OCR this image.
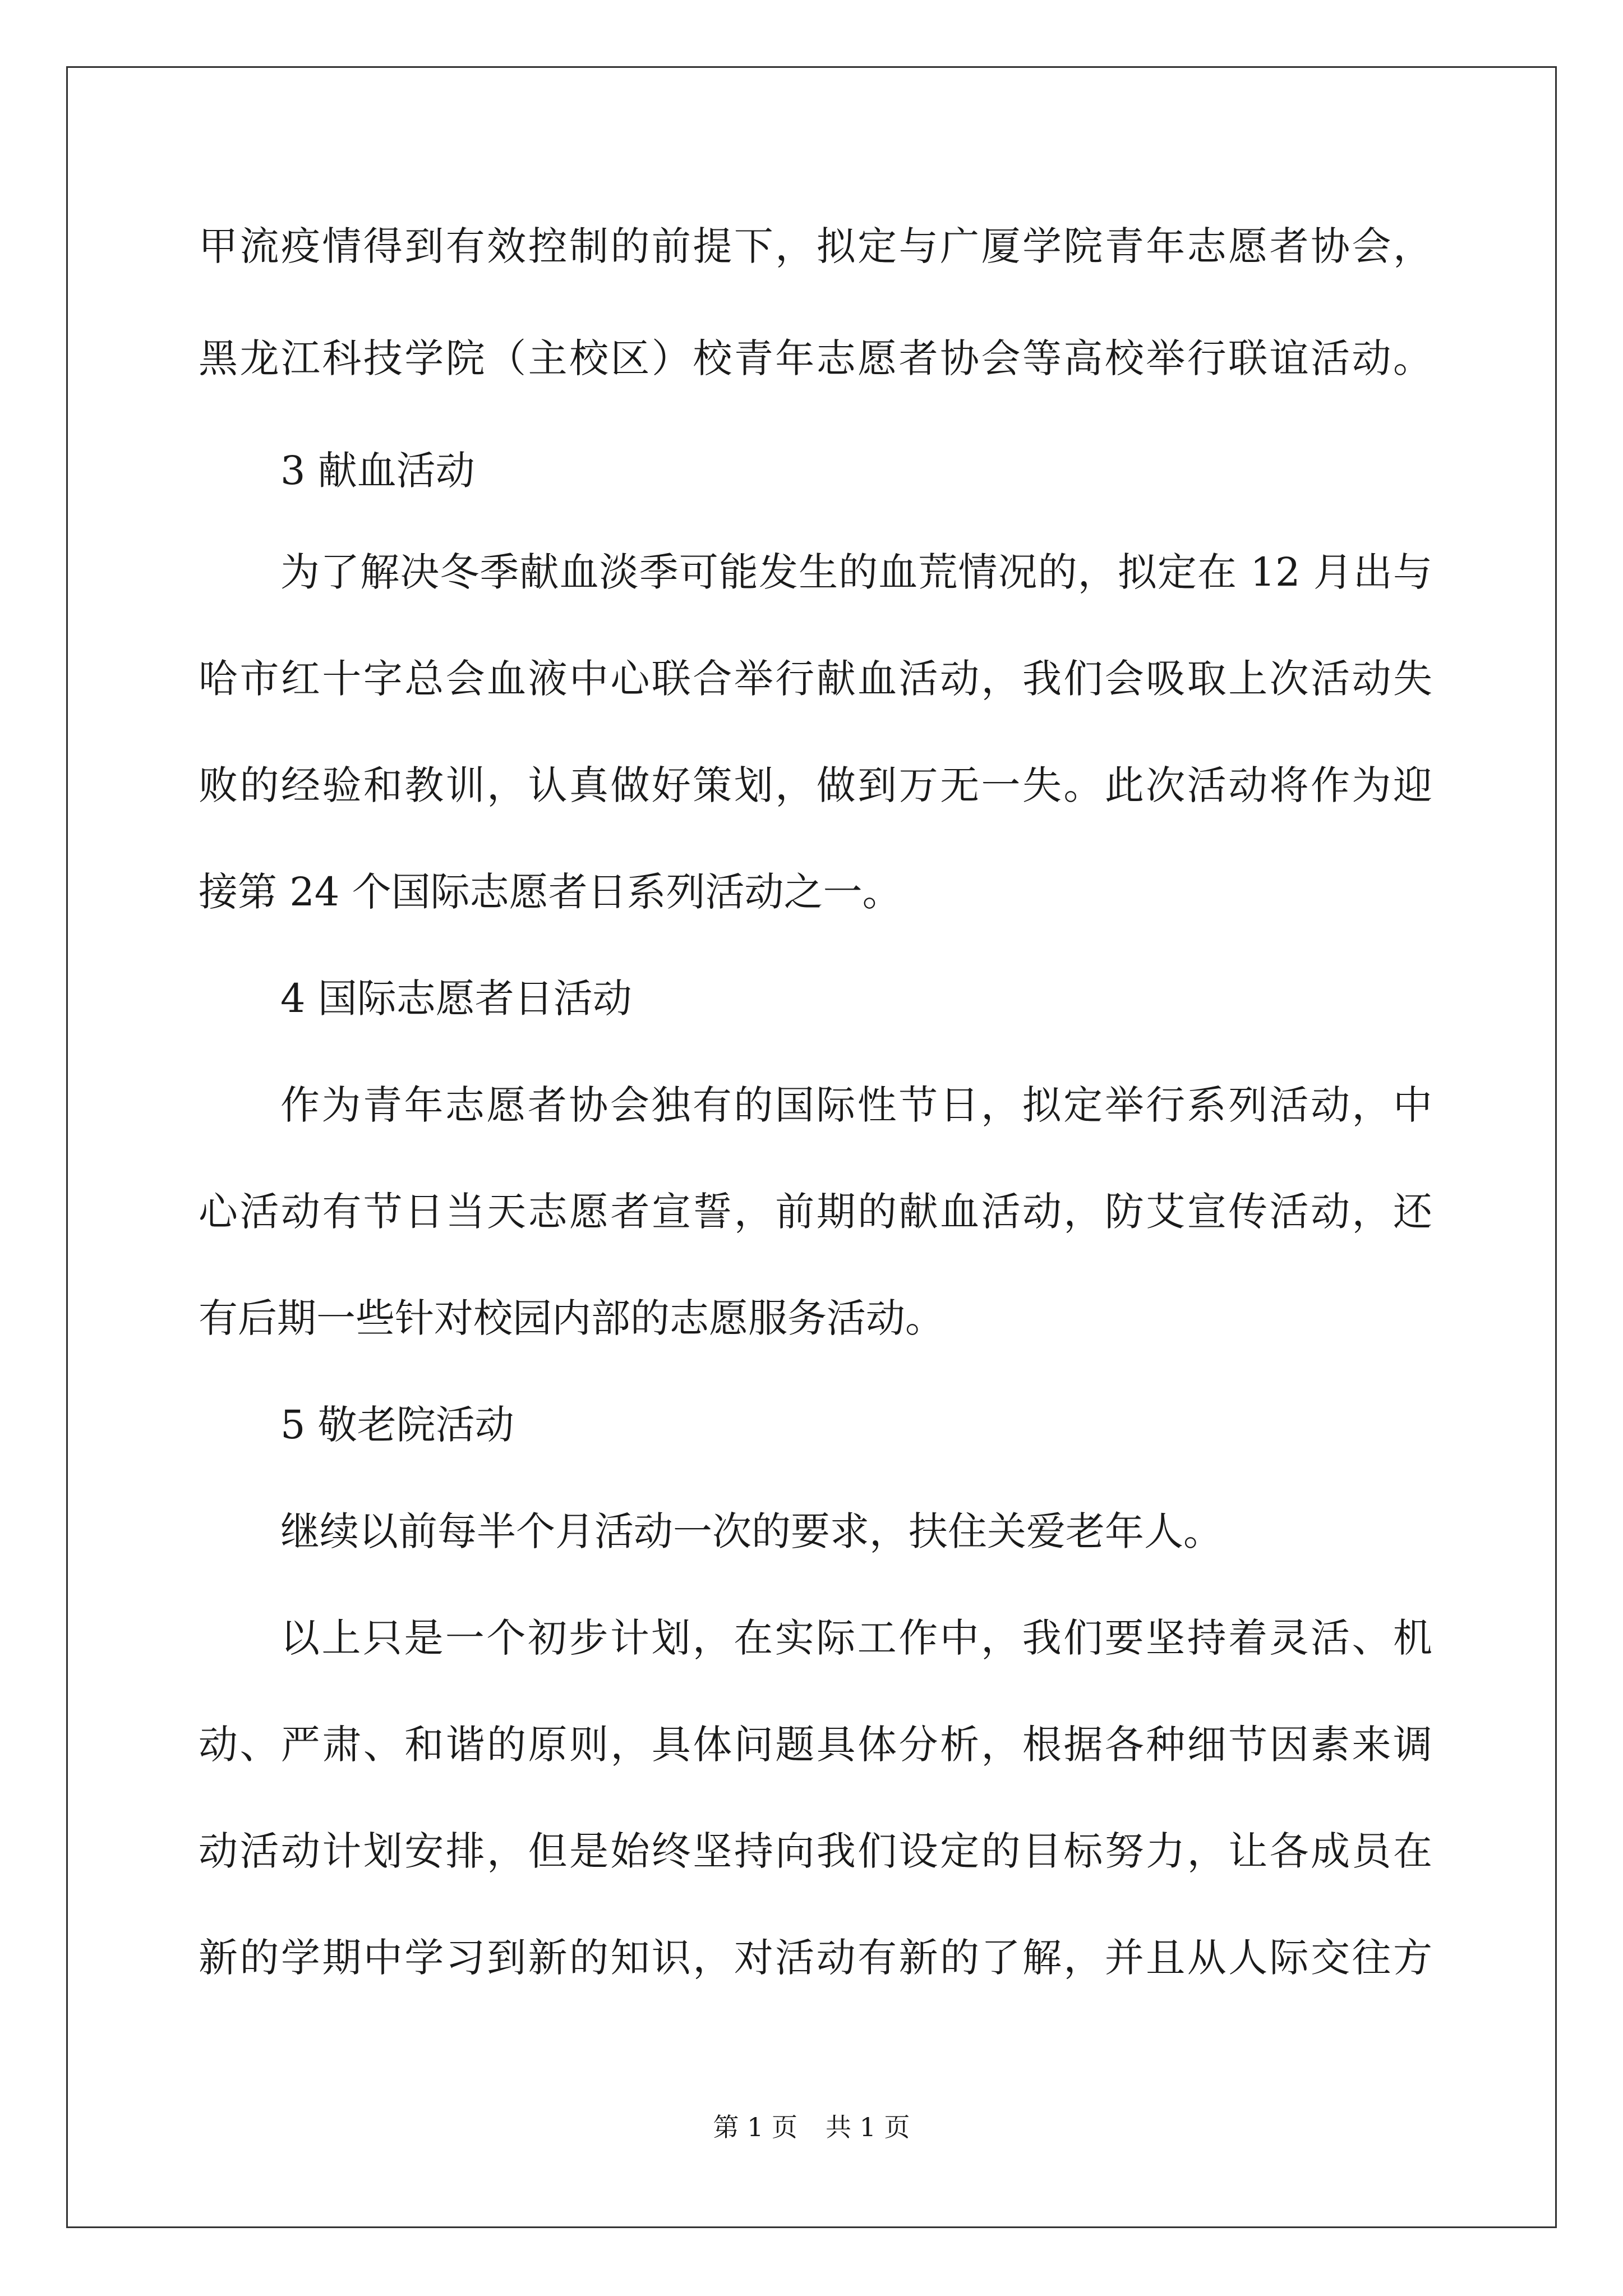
甲流疫情得到有效控制的前提下，拟定与广厦学院青年志愿者协会，
黑龙江科技学院（主校区）校青年志愿者协会等高校举行联谊活动。
3 献血活动
为了解决冬季献血淡季可能发生的血荒情况的，拟定在 12 月出与
哈市红十字总会血液中心联合举行献血活动，我们会吸取上次活动失
败的经验和教训，认真做好策划，做到万无一失。此次活动将作为迎
接第 24 个国际志愿者日系列活动之一。
4 国际志愿者日活动
作为青年志愿者协会独有的国际性节日，拟定举行系列活动，中
心活动有节日当天志愿者宣誓，前期的献血活动，防艾宣传活动，还
有后期一些针对校园内部的志愿服务活动。
5 敬老院活动
继续以前每半个月活动一次的要求，扶住关爱老年人。
以上只是一个初步计划，在实际工作中，我们要坚持着灵活、机
动、严肃、和谐的原则，具体问题具体分析，根据各种细节因素来调
动活动计划安排，但是始终坚持向我们设定的目标努力，让各成员在
新的学期中学习到新的知识，对活动有新的了解，并且从人际交往方
第 1 页 共 1 页
